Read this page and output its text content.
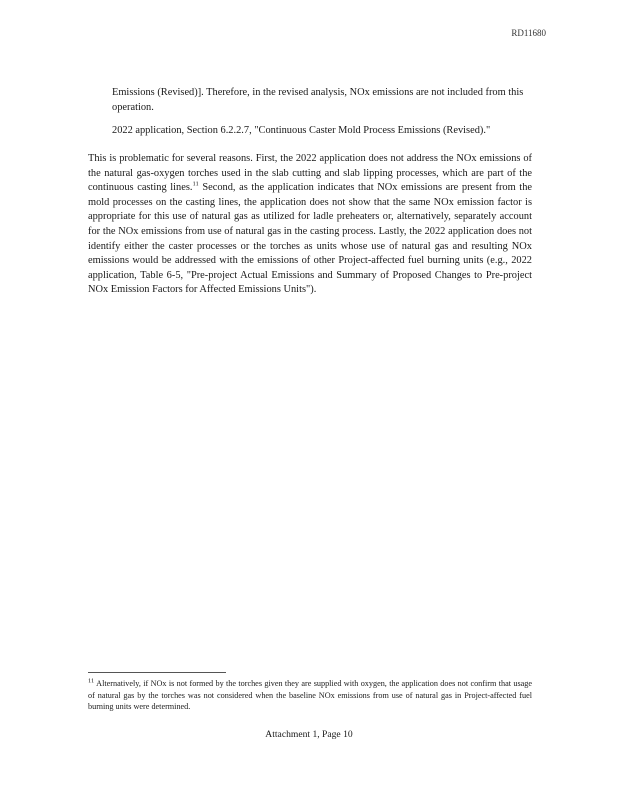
RD11680
Emissions (Revised)]. Therefore, in the revised analysis, NOx emissions are not included from this operation.
2022 application, Section 6.2.2.7, "Continuous Caster Mold Process Emissions (Revised)."
This is problematic for several reasons. First, the 2022 application does not address the NOx emissions of the natural gas-oxygen torches used in the slab cutting and slab lipping processes, which are part of the continuous casting lines.$^{11}$ Second, as the application indicates that NOx emissions are present from the mold processes on the casting lines, the application does not show that the same NOx emission factor is appropriate for this use of natural gas as utilized for ladle preheaters or, alternatively, separately account for the NOx emissions from use of natural gas in the casting process. Lastly, the 2022 application does not identify either the caster processes or the torches as units whose use of natural gas and resulting NOx emissions would be addressed with the emissions of other Project-affected fuel burning units (e.g., 2022 application, Table 6-5, "Pre-project Actual Emissions and Summary of Proposed Changes to Pre-project NOx Emission Factors for Affected Emissions Units").
$^{11}$ Alternatively, if NOx is not formed by the torches given they are supplied with oxygen, the application does not confirm that usage of natural gas by the torches was not considered when the baseline NOx emissions from use of natural gas in Project-affected fuel burning units were determined.
Attachment 1, Page 10
